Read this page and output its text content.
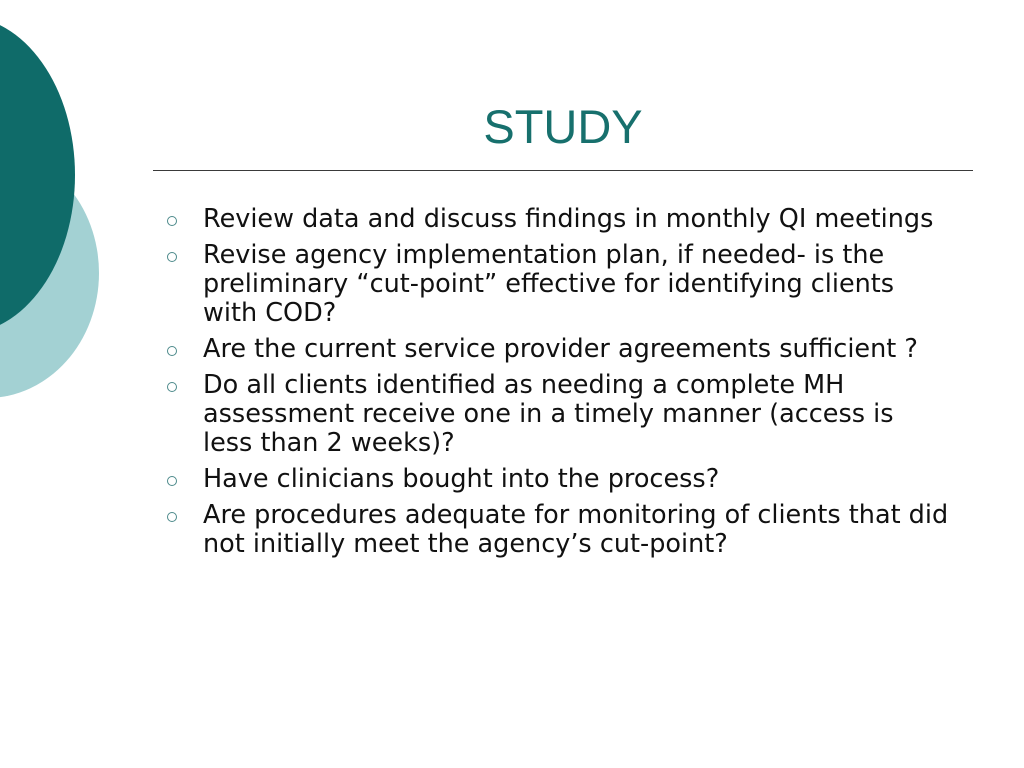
STUDY
Review data and discuss findings in monthly QI meetings
Revise agency implementation plan, if needed- is the preliminary “cut-point” effective for identifying clients with COD?
Are the current service provider agreements sufficient ?
Do all clients identified as needing a complete MH assessment receive one in a timely manner (access is less than 2 weeks)?
Have clinicians bought into the process?
Are procedures adequate for monitoring of clients that did not initially meet the agency’s cut-point?
